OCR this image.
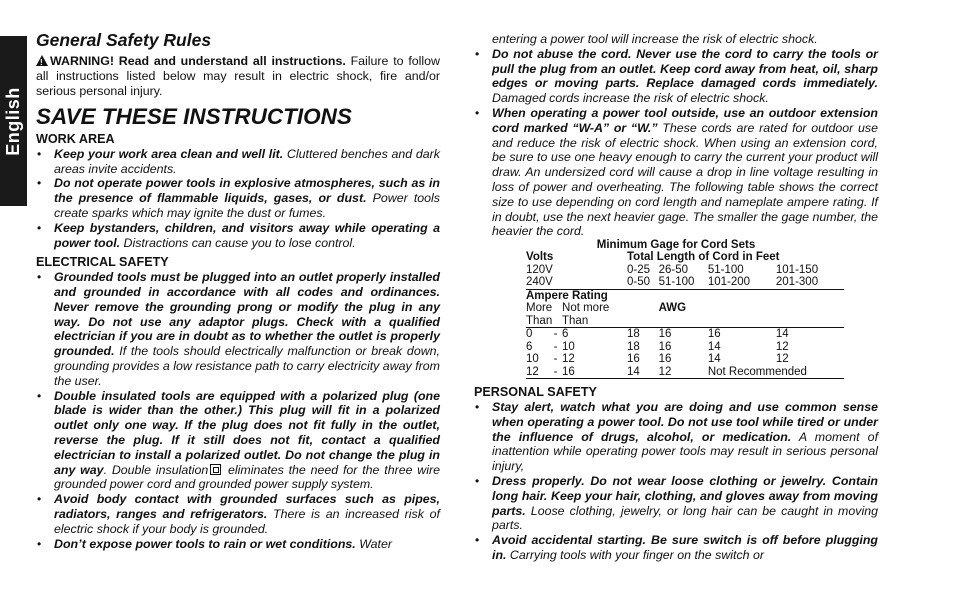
English
General Safety Rules

!WARNING! Read and understand all instructions. Failure to follow all instructions listed below may result in electric shock, fire and/or serious personal injury.

SAVE THESE INSTRUCTIONS

WORK AREA

• Keep your work area clean and well lit. Cluttered benches and dark areas invite accidents.
• Do not operate power tools in explosive atmospheres, such as in the presence of flammable liquids, gases, or dust. Power tools create sparks which may ignite the dust or fumes.
• Keep bystanders, children, and visitors away while operating a power tool. Distractions can cause you to lose control.

ELECTRICAL SAFETY

• Grounded tools must be plugged into an outlet properly installed and grounded in accordance with all codes and ordinances. Never remove the grounding prong or modify the plug in any way. Do not use any adaptor plugs. Check with a qualified electrician if you are in doubt as to whether the outlet is properly grounded. If the tools should electrically malfunction or break down, grounding provides a low resistance path to carry electricity away from the user.
• Double insulated tools are equipped with a polarized plug (one blade is wider than the other.) This plug will fit in a polarized outlet only one way. If the plug does not fit fully in the outlet, reverse the plug. If it still does not fit, contact a qualified electrician to install a polarized outlet. Do not change the plug in any way. Double insulation eliminates the need for the three wire grounded power cord and grounded power supply system.
• Avoid body contact with grounded surfaces such as pipes, radiators, ranges and refrigerators. There is an increased risk of electric shock if your body is grounded.
• Don’t expose power tools to rain or wet conditions. Water

entering a power tool will increase the risk of electric shock.

• Do not abuse the cord. Never use the cord to carry the tools or pull the plug from an outlet. Keep cord away from heat, oil, sharp edges or moving parts. Replace damaged cords immediately. Damaged cords increase the risk of electric shock.
• When operating a power tool outside, use an outdoor extension cord marked “W-A” or “W.” These cords are rated for outdoor use and reduce the risk of electric shock. When using an extension cord, be sure to use one heavy enough to carry the current your product will draw. An undersized cord will cause a drop in line voltage resulting in loss of power and overheating. The following table shows the correct size to use depending on cord length and nameplate ampere rating. If in doubt, use the next heavier gage. The smaller the gage number, the heavier the cord.
Minimum Gage for Cord Sets
Volts			Total Length of Cord in Feet			
120V			0-25	26-50	51-100	101-150
240V			0-50	51-100	101-200	201-300
Ampere Rating						
More		Not more		AWG		
Than		Than				
0	-	6	18	16	16	14
6	-	10	18	16	14	12
10	-	12	16	16	14	12
12	-	16	14	12	Not Recommended	

PERSONAL SAFETY

• Stay alert, watch what you are doing and use common sense when operating a power tool. Do not use tool while tired or under the influence of drugs, alcohol, or medication. A moment of inattention while operating power tools may result in serious personal injury,
• Dress properly. Do not wear loose clothing or jewelry. Contain long hair. Keep your hair, clothing, and gloves away from moving parts. Loose clothing, jewelry, or long hair can be caught in moving parts.
• Avoid accidental starting. Be sure switch is off before plugging in. Carrying tools with your finger on the switch or
